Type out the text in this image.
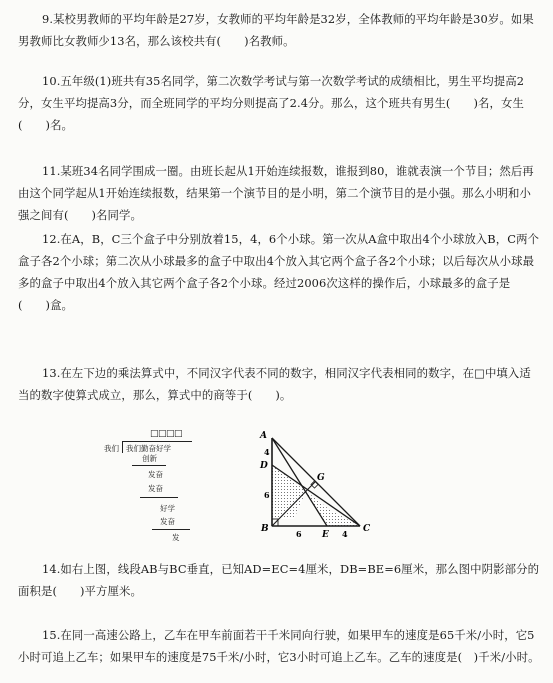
9.某校男教师的平均年龄是27岁，女教师的平均年龄是32岁，全体教师的平均年龄是30岁。如果男教师比女教师少13名，那么该校共有(　　)名教师。

10.五年级(1)班共有35名同学，第二次数学考试与第一次数学考试的成绩相比，男生平均提高2分，女生平均提高3分，而全班同学的平均分则提高了2.4分。那么，这个班共有男生(　　)名，女生(　　)名。

11.某班34名同学围成一圈。由班长起从1开始连续报数，谁报到80，谁就表演一个节目；然后再由这个同学起从1开始连续报数，结果第一个演节目的是小明，第二个演节目的是小强。那么小明和小强之间有(　　)名同学。

12.在A，B，C三个盒子中分别放着15，4，6个小球。第一次从A盒中取出4个小球放入B，C两个盒子各2个小球；第二次从小球最多的盒子中取出4个放入其它两个盒子各2个小球；以后每次从小球最多的盒子中取出4个放入其它两个盒子各2个小球。经过2006次这样的操作后，小球最多的盒子是(　　)盒。

13.在左下边的乘法算式中，不同汉字代表不同的数字，相同汉字代表相同的数字，在□中填入适当的数字使算式成立，那么，算式中的商等于(　　)。

□□□□
我们 我们勤奋好学
创新
发奋
发奋
好学
发奋
发
A
D
G
B
E
C
4
6
6	4

14.如右上图，线段AB与BC垂直，已知AD=EC=4厘米，DB=BE=6厘米，那么图中阴影部分的面积是(　　)平方厘米。

15.在同一高速公路上，乙车在甲车前面若干千米同向行驶，如果甲车的速度是65千米/小时，它5小时可追上乙车；如果甲车的速度是75千米/小时，它3小时可追上乙车。乙车的速度是(　)千米/小时。
